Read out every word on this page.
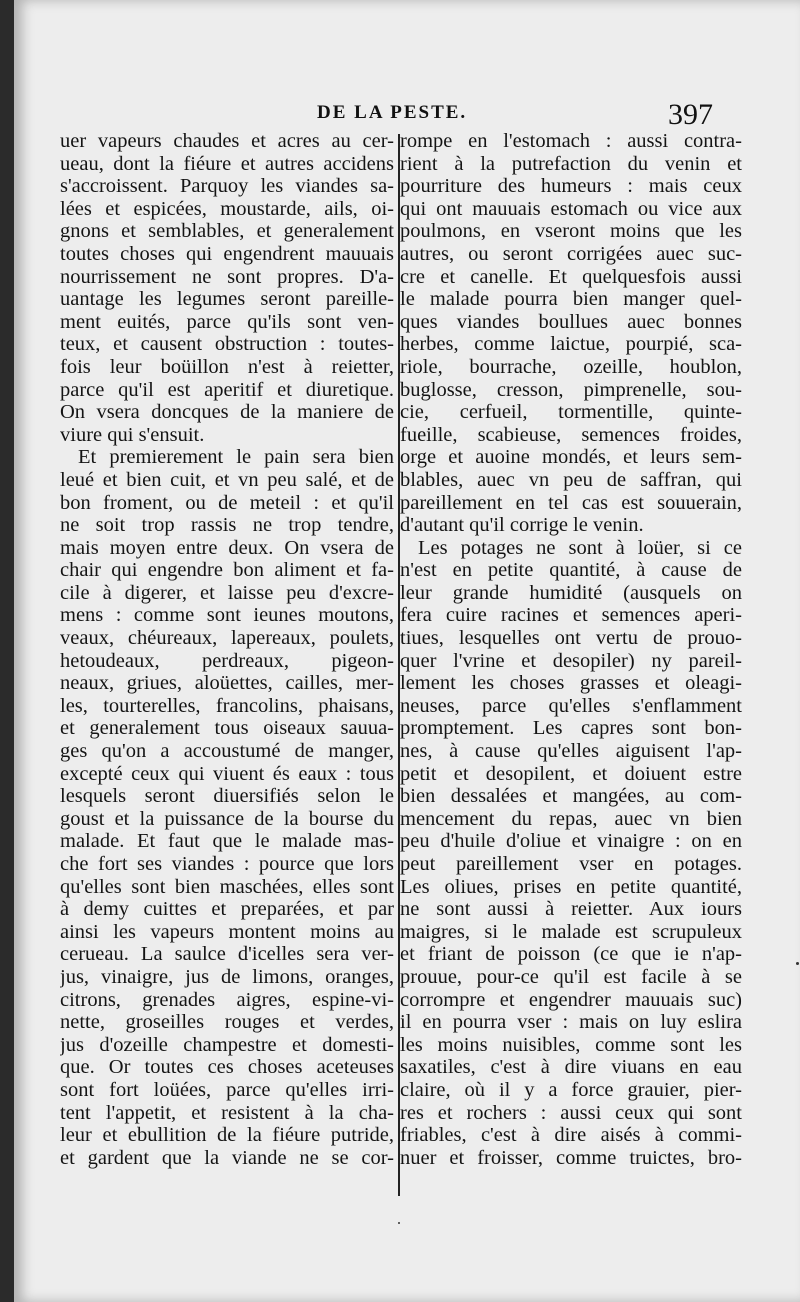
DE LA PESTE.	397
uer vapeurs chaudes et acres au cer-
ueau, dont la fiéure et autres accidens
s'accroissent. Parquoy les viandes sa-
lées et espicées, moustarde, ails, oi-
gnons et semblables, et generalement
toutes choses qui engendrent mauuais
nourrissement ne sont propres. D'a-
uantage les legumes seront pareille-
ment euités, parce qu'ils sont ven-
teux, et causent obstruction : toutes-
fois leur boüillon n'est à reietter,
parce qu'il est aperitif et diuretique.
On vsera doncques de la maniere de
viure qui s'ensuit.
Et premierement le pain sera bien
leué et bien cuit, et vn peu salé, et de
bon froment, ou de meteil : et qu'il
ne soit trop rassis ne trop tendre,
mais moyen entre deux. On vsera de
chair qui engendre bon aliment et fa-
cile à digerer, et laisse peu d'excre-
mens : comme sont ieunes moutons,
veaux, chéureaux, lapereaux, poulets,
hetoudeaux, perdreaux, pigeon-
neaux, griues, aloüettes, cailles, mer-
les, tourterelles, francolins, phaisans,
et generalement tous oiseaux sauua-
ges qu'on a accoustumé de manger,
excepté ceux qui viuent és eaux : tous
lesquels seront diuersifiés selon le
goust et la puissance de la bourse du
malade. Et faut que le malade mas-
che fort ses viandes : pource que lors
qu'elles sont bien maschées, elles sont
à demy cuittes et preparées, et par
ainsi les vapeurs montent moins au
cerueau. La saulce d'icelles sera ver-
jus, vinaigre, jus de limons, oranges,
citrons, grenades aigres, espine-vi-
nette, groseilles rouges et verdes,
jus d'ozeille champestre et domesti-
que. Or toutes ces choses aceteuses
sont fort loüées, parce qu'elles irri-
tent l'appetit, et resistent à la cha-
leur et ebullition de la fiéure putride,
et gardent que la viande ne se cor-
rompe en l'estomach : aussi contra-
rient à la putrefaction du venin et
pourriture des humeurs : mais ceux
qui ont mauuais estomach ou vice aux
poulmons, en vseront moins que les
autres, ou seront corrigées auec suc-
cre et canelle. Et quelquesfois aussi
le malade pourra bien manger quel-
ques viandes boullues auec bonnes
herbes, comme laictue, pourpié, sca-
riole, bourrache, ozeille, houblon,
buglosse, cresson, pimprenelle, sou-
cie, cerfueil, tormentille, quinte-
fueille, scabieuse, semences froides,
orge et auoine mondés, et leurs sem-
blables, auec vn peu de saffran, qui
pareillement en tel cas est souuerain,
d'autant qu'il corrige le venin.
Les potages ne sont à loüer, si ce
n'est en petite quantité, à cause de
leur grande humidité (ausquels on
fera cuire racines et semences aperi-
tiues, lesquelles ont vertu de prouo-
quer l'vrine et desopiler) ny pareil-
lement les choses grasses et oleagi-
neuses, parce qu'elles s'enflamment
promptement. Les capres sont bon-
nes, à cause qu'elles aiguisent l'ap-
petit et desopilent, et doiuent estre
bien dessalées et mangées, au com-
mencement du repas, auec vn bien
peu d'huile d'oliue et vinaigre : on en
peut pareillement vser en potages.
Les oliues, prises en petite quantité,
ne sont aussi à reietter. Aux iours
maigres, si le malade est scrupuleux
et friant de poisson (ce que ie n'ap-
prouue, pour-ce qu'il est facile à se
corrompre et engendrer mauuais suc)
il en pourra vser : mais on luy eslira
les moins nuisibles, comme sont les
saxatiles, c'est à dire viuans en eau
claire, où il y a force grauier, pier-
res et rochers : aussi ceux qui sont
friables, c'est à dire aisés à commi-
nuer et froisser, comme truictes, bro-
